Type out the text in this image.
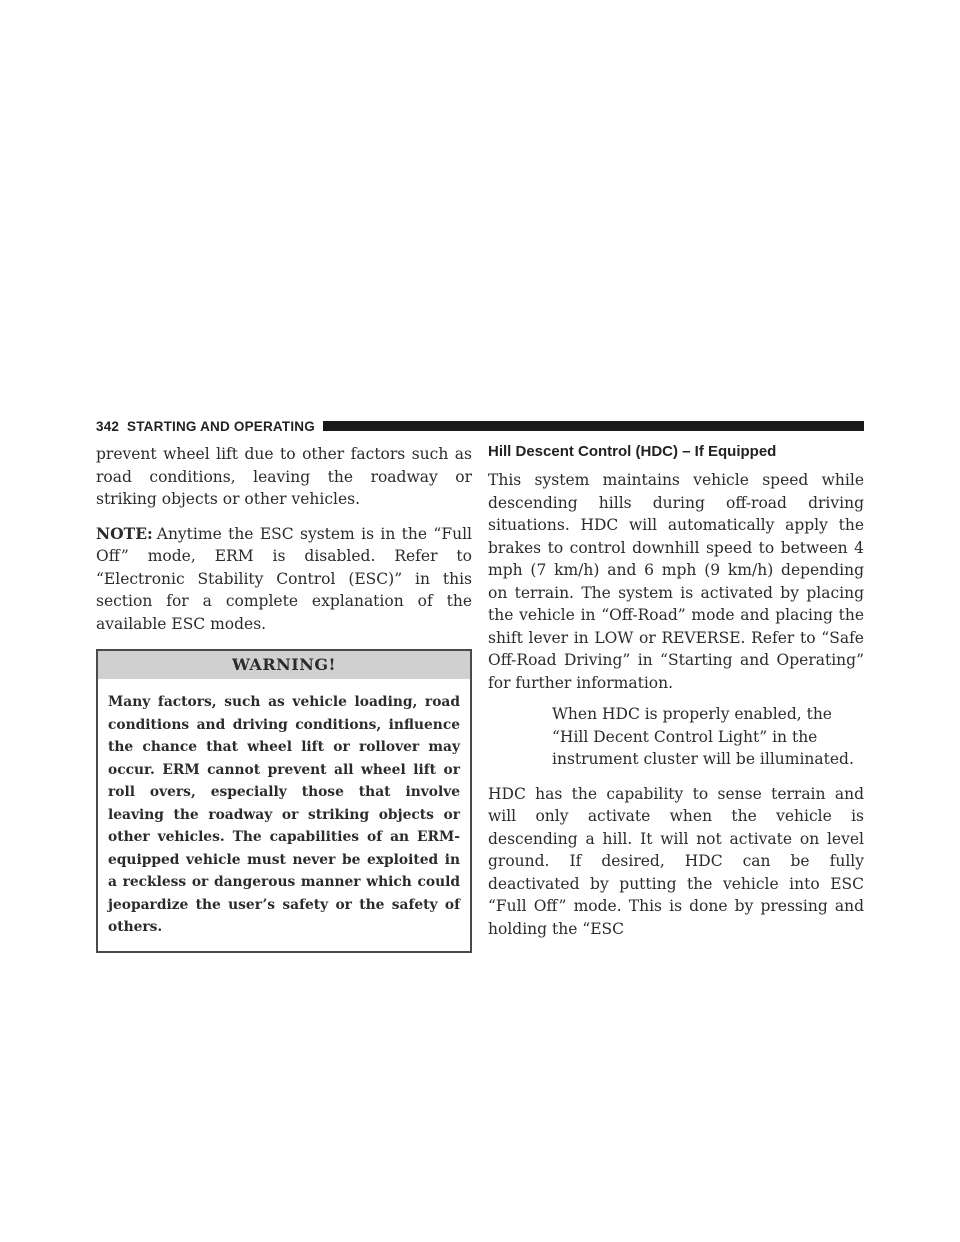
342 STARTING AND OPERATING

prevent wheel lift due to other factors such as road conditions, leaving the roadway or striking objects or other vehicles.

NOTE: Anytime the ESC system is in the “Full Off” mode, ERM is disabled. Refer to “Electronic Stability Control (ESC)” in this section for a complete explanation of the available ESC modes.

WARNING!
Many factors, such as vehicle loading, road conditions and driving conditions, influence the chance that wheel lift or rollover may occur. ERM cannot prevent all wheel lift or roll overs, especially those that involve leaving the roadway or striking objects or other vehicles. The capabilities of an ERM-equipped vehicle must never be exploited in a reckless or dangerous manner which could jeopardize the user’s safety or the safety of others.
Hill Descent Control (HDC) – If Equipped

This system maintains vehicle speed while descending hills during off-road driving situations. HDC will automatically apply the brakes to control downhill speed to between 4 mph (7 km/h) and 6 mph (9 km/h) depending on terrain. The system is activated by placing the vehicle in “Off-Road” mode and placing the shift lever in LOW or REVERSE. Refer to “Safe Off-Road Driving” in “Starting and Operating” for further information.

When HDC is properly enabled, the “Hill Decent Control Light” in the instrument cluster will be illuminated.

HDC has the capability to sense terrain and will only activate when the vehicle is descending a hill. It will not activate on level ground. If desired, HDC can be fully deactivated by putting the vehicle into ESC “Full Off” mode. This is done by pressing and holding the “ESC
